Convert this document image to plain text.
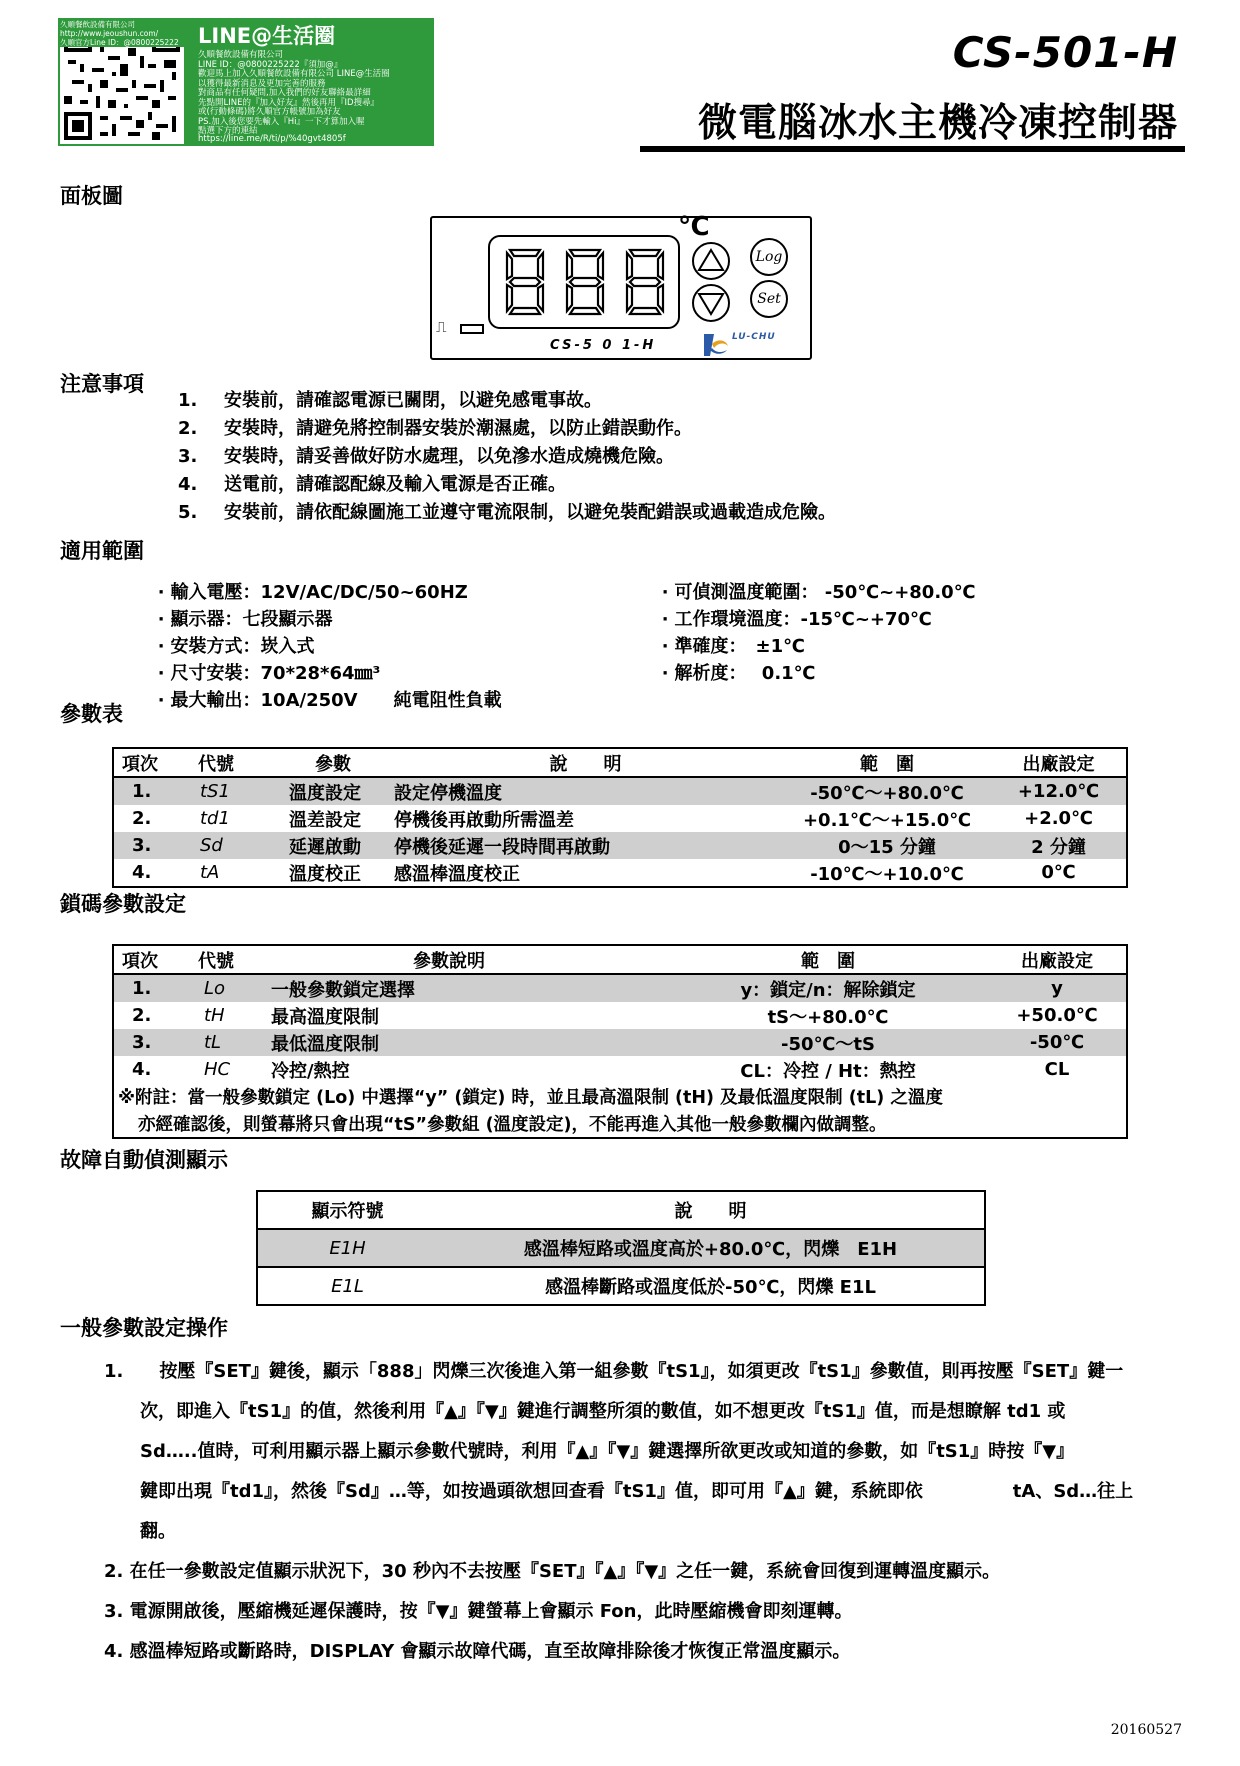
久順餐飲設備有限公司
http://www.jeoushun.com/
久順官方Line ID：@0800225222 LINE@生活圈
久順餐飲設備有限公司
LINE ID：@0800225222『須加@』
歡迎馬上加入久順餐飲設備有限公司 LINE@生活圈
以獲得最新消息及更加完善的服務
對商品有任何疑問,加入我們的好友聯絡最詳細
先點開LINE的『加入好友』然後再用『ID搜尋』
或(行動條碼)將久順官方帳號加為好友
PS.加入後您要先輸入『Hi』一下才算加入喔
點選下方的連結
https://line.me/R/ti/p/%40gvt4805f
CS-501-H
微電腦冰水主機冷凍控制器
面板圖
℃
Log
Set
⎍
CS-5 0 1-H
LU-CHU
注意事項
1. 安裝前，請確認電源已關閉，以避免感電事故。
2. 安裝時，請避免將控制器安裝於潮濕處，以防止錯誤動作。
3. 安裝時，請妥善做好防水處理，以免滲水造成燒機危險。
4. 送電前，請確認配線及輸入電源是否正確。
5. 安裝前，請依配線圖施工並遵守電流限制，以避免裝配錯誤或過載造成危險。
適用範圍
‧ 輸入電壓：12V/AC/DC/50~60HZ
‧ 顯示器：七段顯示器
‧ 安裝方式：崁入式
‧ 尺寸安裝：70*28*64㎜³
‧ 最大輸出：10A/250V　　純電阻性負載
‧ 可偵測溫度範圍： -50℃~+80.0℃
‧ 工作環境溫度：-15℃~+70℃
‧ 準確度：　±1℃
‧ 解析度：　 0.1℃
參數表
項次	代號	參數	說　　明	範　圍	出廠設定
1.	tS1	溫度設定	設定停機溫度	-50℃～+80.0℃	+12.0℃
2.	td1	溫差設定	停機後再啟動所需溫差	+0.1℃～+15.0℃	+2.0℃
3.	Sd	延遲啟動	停機後延遲一段時間再啟動	0～15 分鐘	2 分鐘
4.	tA	溫度校正	感溫棒溫度校正	-10℃～+10.0℃	0℃
鎖碼參數設定
項次	代號	參數說明	範　圍	出廠設定
1.	Lo	一般參數鎖定選擇	y：鎖定/n：解除鎖定	y
2.	tH	最高溫度限制	tS～+80.0℃	+50.0℃
3.	tL	最低溫度限制	-50℃～tS	-50℃
4.	HC	冷控/熱控	CL：冷控 / Ht：熱控	CL
※附註：當一般參數鎖定 (Lo) 中選擇“y” (鎖定) 時，並且最高溫限制 (tH) 及最低溫度限制 (tL) 之溫度				
亦經確認後，則螢幕將只會出現“tS”參數組 (溫度設定)，不能再進入其他一般參數欄內做調整。				
故障自動偵測顯示
顯示符號	說　　明
E1H	感溫棒短路或溫度高於+80.0℃，閃爍　E1H
E1L	感溫棒斷路或溫度低於-50℃，閃爍 E1L
一般參數設定操作
1.　　按壓『SET』鍵後，顯示「888」閃爍三次後進入第一組參數『tS1』，如須更改『tS1』參數值，則再按壓『SET』鍵一
　　次，即進入『tS1』的值，然後利用『▲』『▼』鍵進行調整所須的數值，如不想更改『tS1』值，而是想瞭解 td1 或
　　Sd…..值時，可利用顯示器上顯示參數代號時，利用『▲』『▼』鍵選擇所欲更改或知道的參數，如『tS1』時按『▼』
　　鍵即出現『td1』，然後『Sd』…等，如按過頭欲想回查看『tS1』值，即可用『▲』鍵，系統即依　　　　　tA、Sd…往上
　　翻。
2. 在任一參數設定值顯示狀況下，30 秒內不去按壓『SET』『▲』『▼』之任一鍵，系統會回復到運轉溫度顯示。
3. 電源開啟後，壓縮機延遲保護時，按『▼』鍵螢幕上會顯示 Fon，此時壓縮機會即刻運轉。
4. 感溫棒短路或斷路時，DISPLAY 會顯示故障代碼，直至故障排除後才恢復正常溫度顯示。
20160527
